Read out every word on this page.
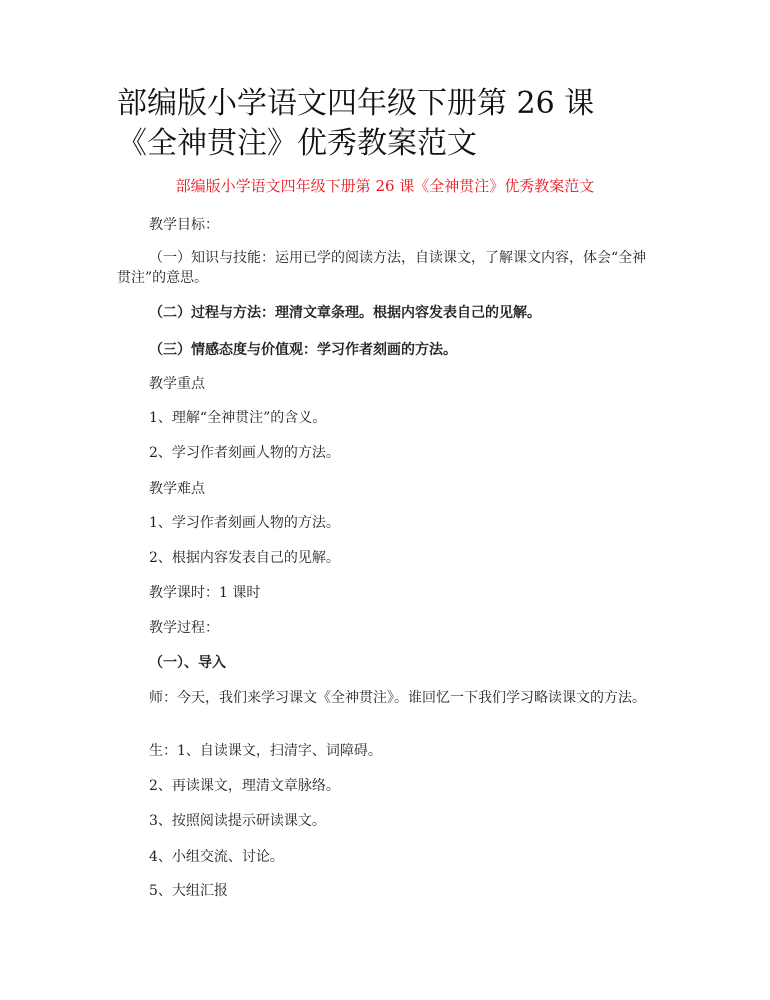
部编版小学语文四年级下册第 26 课
《全神贯注》优秀教案范文
部编版小学语文四年级下册第 26 课《全神贯注》优秀教案范文

教学目标：

（一）知识与技能：运用已学的阅读方法，自读课文，了解课文内容，体会“全神贯注”的意思。

（二）过程与方法：理清文章条理。根据内容发表自己的见解。

（三）情感态度与价值观：学习作者刻画的方法。

教学重点

1、理解“全神贯注”的含义。

2、学习作者刻画人物的方法。

教学难点

1、学习作者刻画人物的方法。

2、根据内容发表自己的见解。

教学课时：1 课时

教学过程：

（一）、导入

师：今天，我们来学习课文《全神贯注》。谁回忆一下我们学习略读课文的方法。

生：1、自读课文，扫清字、词障碍。

2、再读课文，理清文章脉络。

3、按照阅读提示研读课文。

4、小组交流、讨论。

5、大组汇报
